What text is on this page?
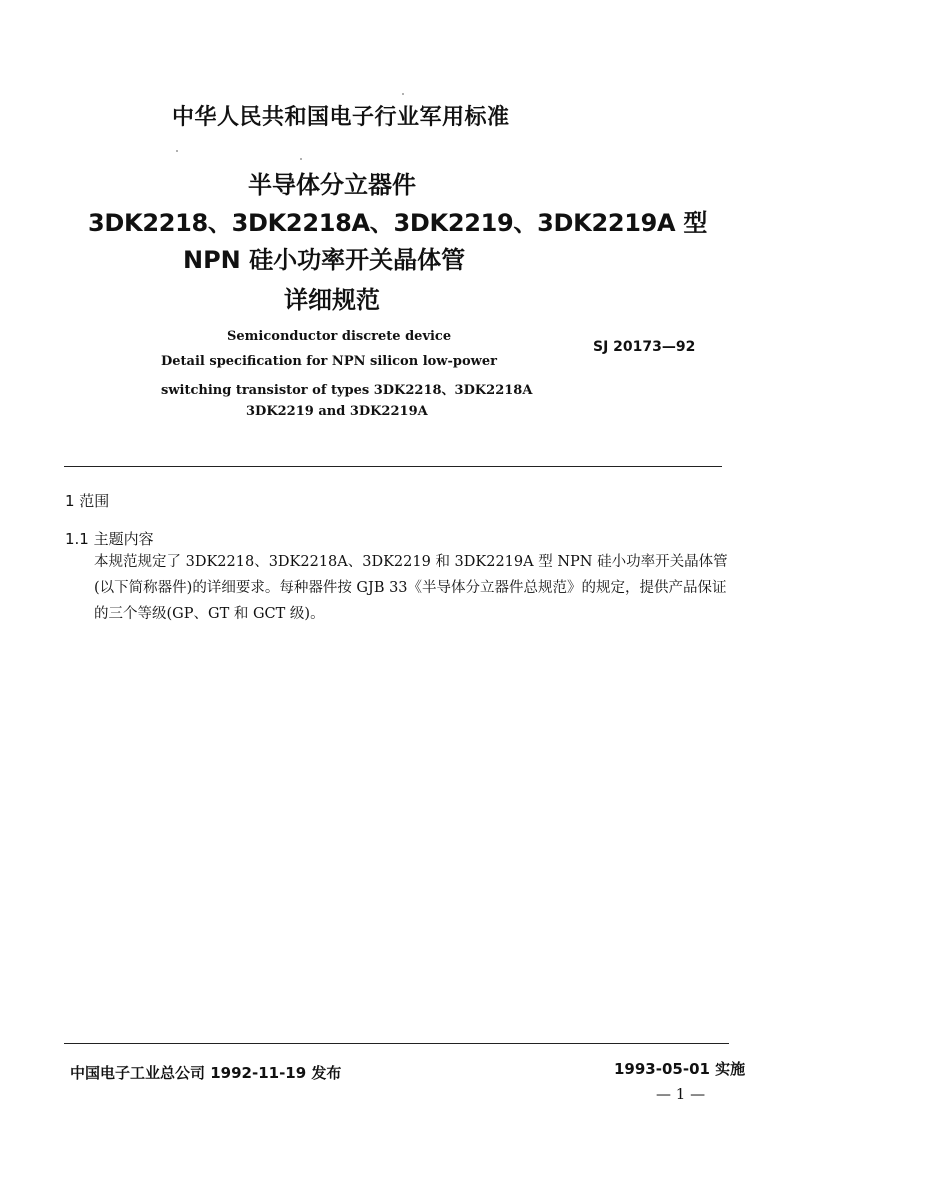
中华人民共和国电子行业军用标准
半导体分立器件
3DK2218、3DK2218A、3DK2219、3DK2219A 型
NPN 硅小功率开关晶体管
详细规范
Semiconductor discrete device
Detail specification for NPN silicon low-power
switching transistor of types 3DK2218、3DK2218A
3DK2219 and 3DK2219A
SJ 20173—92
1 范围
1.1 主题内容

本规范规定了 3DK2218、3DK2218A、3DK2219 和 3DK2219A 型 NPN 硅小功率开关晶体管(以下简称器件)的详细要求。每种器件按 GJB 33《半导体分立器件总规范》的规定，提供产品保证的三个等级(GP、GT 和 GCT 级)。

中国电子工业总公司 1992-11-19 发布	1993-05-01 实施
— 1 —
